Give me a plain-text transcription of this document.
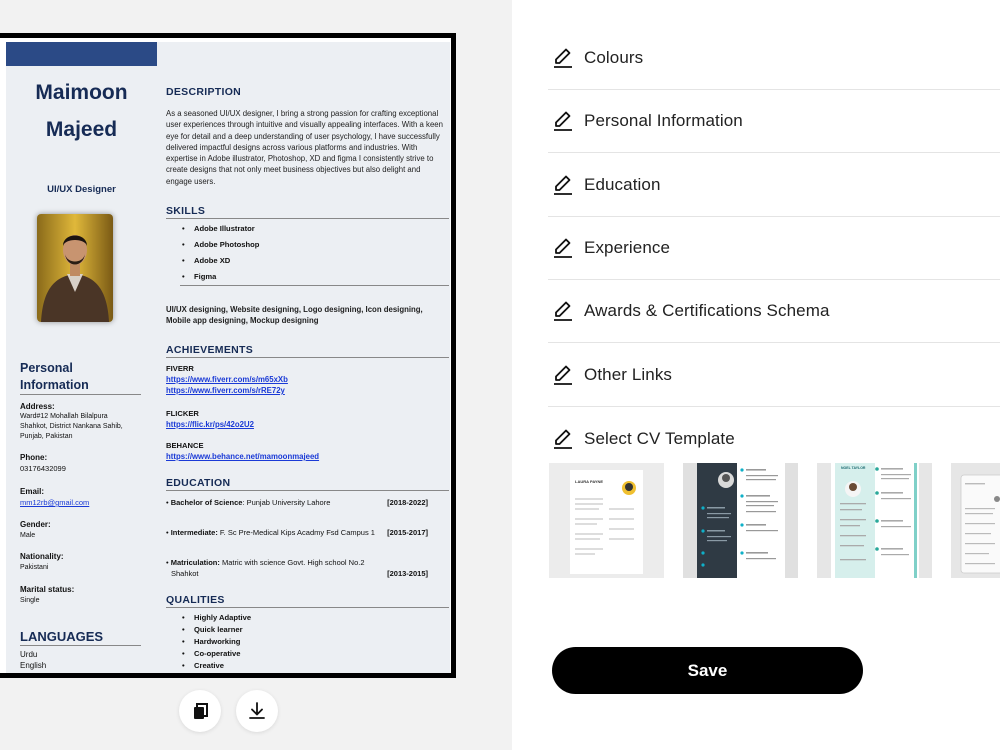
Maimoon
Majeed
UI/UX Designer
Personal
Information
Address:
Ward#12 Mohallah Bilalpura
Shahkot, District Nankana Sahib,
Punjab, Pakistan
Phone:
03176432099
Email:
mm12rb@gmail.com
Gender:
Male
Nationality:
Pakistani
Marital status:
Single
LANGUAGES
Urdu
English
Punjabi
DESCRIPTION
As a seasoned UI/UX designer, I bring a strong passion for crafting exceptional user experiences through intuitive and visually appealing interfaces. With a keen eye for detail and a deep understanding of user psychology, I have successfully delivered impactful designs across various platforms and industries. With expertise in Adobe illustrator, Photoshop, XD and figma I consistently strive to create designs that not only meet business objectives but also delight and engage users.
SKILLS
• Adobe Illustrator
• Adobe Photoshop
• Adobe XD
• Figma
UI/UX designing, Website designing, Logo designing, Icon designing, Mobile app designing, Mockup designing
ACHIEVEMENTS
FIVERR
https://www.fiverr.com/s/m65xXb
https://www.fiverr.com/s/rRE72y
FLICKER
https://flic.kr/ps/42o2U2
BEHANCE
https://www.behance.net/mamoonmajeed
EDUCATION
• Bachelor of Science: Punjab University Lahore	[2018-2022]
• Intermediate: F. Sc Pre-Medical Kips Acadmy Fsd Campus 1 [2015-2017]
• Matriculation: Matric with science Govt. High school No.2
Shahkot	[2013-2015]
QUALITIES
• Highly Adaptive
• Quick learner
• Hardworking
• Co-operative
• Creative
Colours
Personal Information
Education
Experience
Awards & Certifications Schema
Other Links
Select CV Template
LAURA PAYNE
NOEL TAYLOR
Save
